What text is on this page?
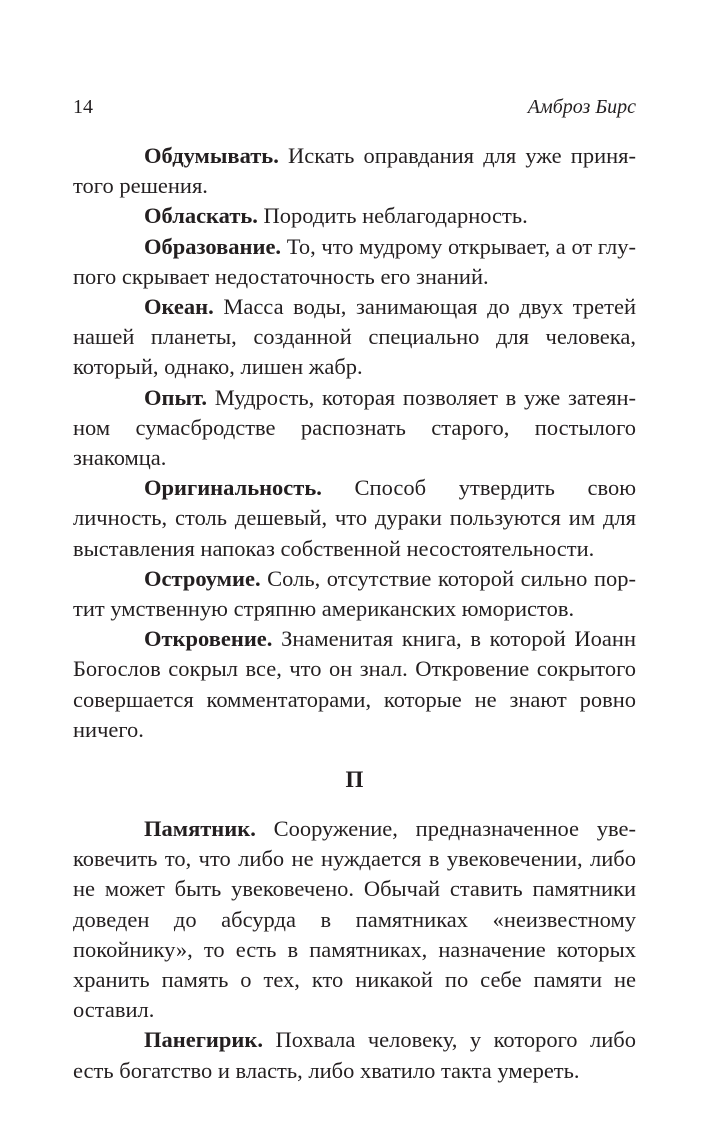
14	Амброз Бирс

Обдумывать. Искать оправдания для уже принятого решения.

Обласкать. Породить неблагодарность.

Образование. То, что мудрому открывает, а от глупого скрывает недостаточность его знаний.

Океан. Масса воды, занимающая до двух третей нашей планеты, созданной специально для человека, который, однако, лишен жабр.

Опыт. Мудрость, которая позволяет в уже затеянном сумасбродстве распознать старого, постылого знакомца.

Оригинальность. Способ утвердить свою личность, столь дешевый, что дураки пользуются им для выставления напоказ собственной несостоятельности.

Остроумие. Соль, отсутствие которой сильно портит умственную стряпню американских юмористов.

Откровение. Знаменитая книга, в которой Иоанн Богослов сокрыл все, что он знал. Откровение сокрытого совершается комментаторами, которые не знают ровно ничего.

П

Памятник. Сооружение, предназначенное увековечить то, что либо не нуждается в увековечении, либо не может быть увековечено. Обычай ставить памятники доведен до абсурда в памятниках «неизвестному покойнику», то есть в памятниках, назначение которых хранить память о тех, кто никакой по себе памяти не оставил.

Панегирик. Похвала человеку, у которого либо есть богатство и власть, либо хватило такта умереть.
